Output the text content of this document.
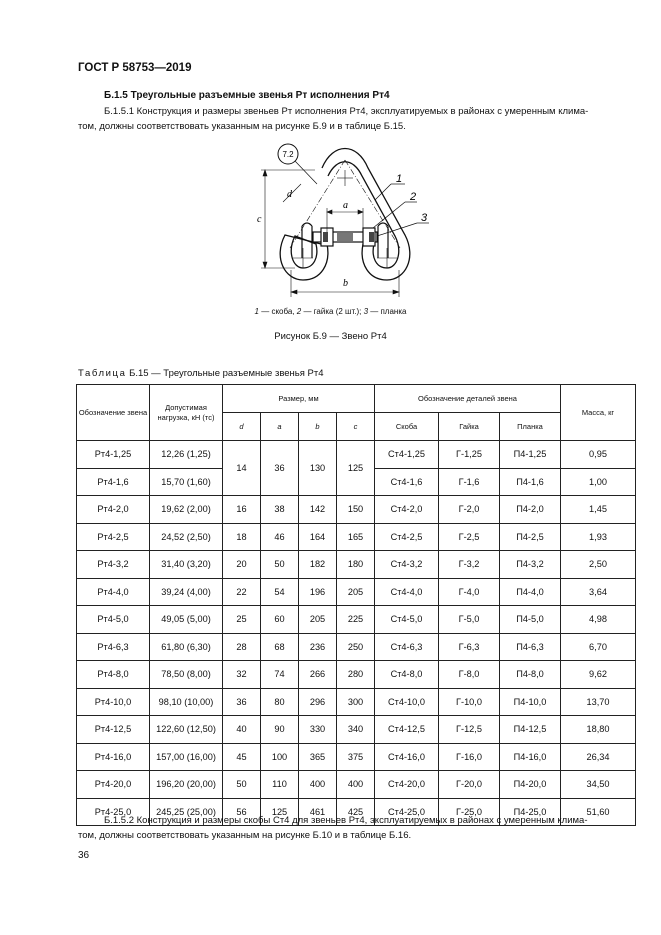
ГОСТ Р 58753—2019
Б.1.5 Треугольные разъемные звенья Рт исполнения Рт4
Б.1.5.1 Конструкция и размеры звеньев Рт исполнения Рт4, эксплуатируемых в районах с умеренным клима-
том, должны соответствовать указанным на рисунке Б.9 и в таблице Б.15.
c
d
a
b
7.2
1
2
3
1 — скоба, 2 — гайка (2 шт.); 3 — планка
Рисунок Б.9 — Звено Рт4
Таблица Б.15 — Треугольные разъемные звенья Рт4
Обозначение звена	Допустимая нагрузка, кН (тс)	Размер, мм				Обозначение деталей звена			Масса, кг
		d	a	b	c	Скоба	Гайка	Планка	
Рт4-1,25	12,26 (1,25)	14	36	130	125	Ст4-1,25	Г-1,25	П4-1,25	0,95
Рт4-1,6	15,70 (1,60)					Ст4-1,6	Г-1,6	П4-1,6	1,00
Рт4-2,0	19,62 (2,00)	16	38	142	150	Ст4-2,0	Г-2,0	П4-2,0	1,45
Рт4-2,5	24,52 (2,50)	18	46	164	165	Ст4-2,5	Г-2,5	П4-2,5	1,93
Рт4-3,2	31,40 (3,20)	20	50	182	180	Ст4-3,2	Г-3,2	П4-3,2	2,50
Рт4-4,0	39,24 (4,00)	22	54	196	205	Ст4-4,0	Г-4,0	П4-4,0	3,64
Рт4-5,0	49,05 (5,00)	25	60	205	225	Ст4-5,0	Г-5,0	П4-5,0	4,98
Рт4-6,3	61,80 (6,30)	28	68	236	250	Ст4-6,3	Г-6,3	П4-6,3	6,70
Рт4-8,0	78,50 (8,00)	32	74	266	280	Ст4-8,0	Г-8,0	П4-8,0	9,62
Рт4-10,0	98,10 (10,00)	36	80	296	300	Ст4-10,0	Г-10,0	П4-10,0	13,70
Рт4-12,5	122,60 (12,50)	40	90	330	340	Ст4-12,5	Г-12,5	П4-12,5	18,80
Рт4-16,0	157,00 (16,00)	45	100	365	375	Ст4-16,0	Г-16,0	П4-16,0	26,34
Рт4-20,0	196,20 (20,00)	50	110	400	400	Ст4-20,0	Г-20,0	П4-20,0	34,50
Рт4-25,0	245,25 (25,00)	56	125	461	425	Ст4-25,0	Г-25,0	П4-25,0	51,60
Б.1.5.2 Конструкция и размеры скобы Ст4 для звеньев Рт4, эксплуатируемых в районах с умеренным клима-
том, должны соответствовать указанным на рисунке Б.10 и в таблице Б.16.
36
